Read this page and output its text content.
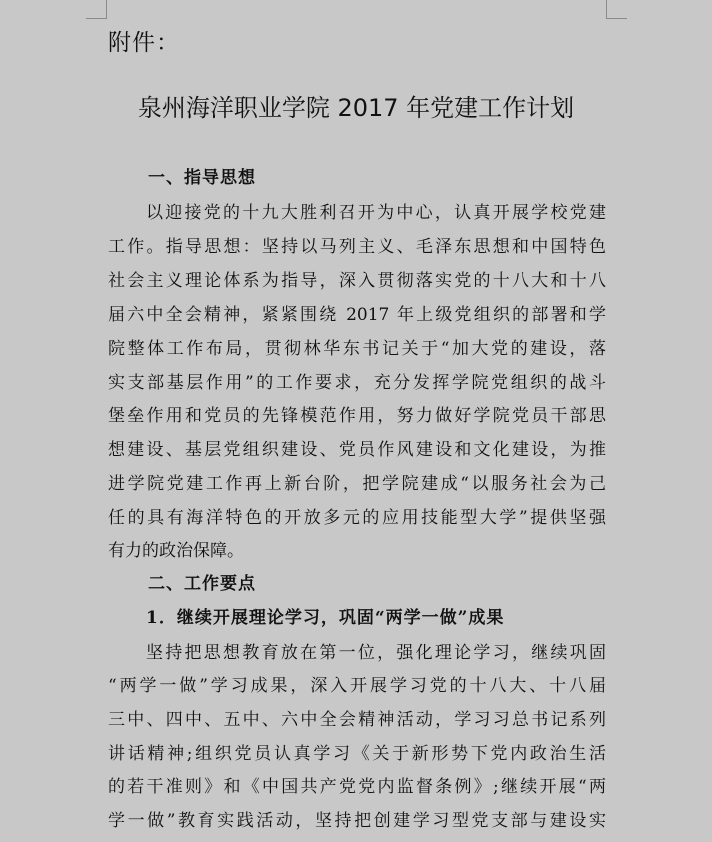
附件：
泉州海洋职业学院 2017 年党建工作计划
一、指导思想
以迎接党的十九大胜利召开为中心，认真开展学校党建
工作。指导思想：坚持以马列主义、毛泽东思想和中国特色
社会主义理论体系为指导，深入贯彻落实党的十八大和十八
届六中全会精神，紧紧围绕 2017 年上级党组织的部署和学
院整体工作布局，贯彻林华东书记关于“加大党的建设，落
实支部基层作用”的工作要求，充分发挥学院党组织的战斗
堡垒作用和党员的先锋模范作用，努力做好学院党员干部思
想建设、基层党组织建设、党员作风建设和文化建设，为推
进学院党建工作再上新台阶，把学院建成“以服务社会为己
任的具有海洋特色的开放多元的应用技能型大学”提供坚强
有力的政治保障。
二、工作要点
1．继续开展理论学习，巩固“两学一做”成果
坚持把思想教育放在第一位，强化理论学习，继续巩固
“两学一做”学习成果，深入开展学习党的十八大、十八届
三中、四中、五中、六中全会精神活动，学习习总书记系列
讲话精神;组织党员认真学习《关于新形势下党内政治生活
的若干准则》和《中国共产党党内监督条例》;继续开展“两
学一做”教育实践活动，坚持把创建学习型党支部与建设实
